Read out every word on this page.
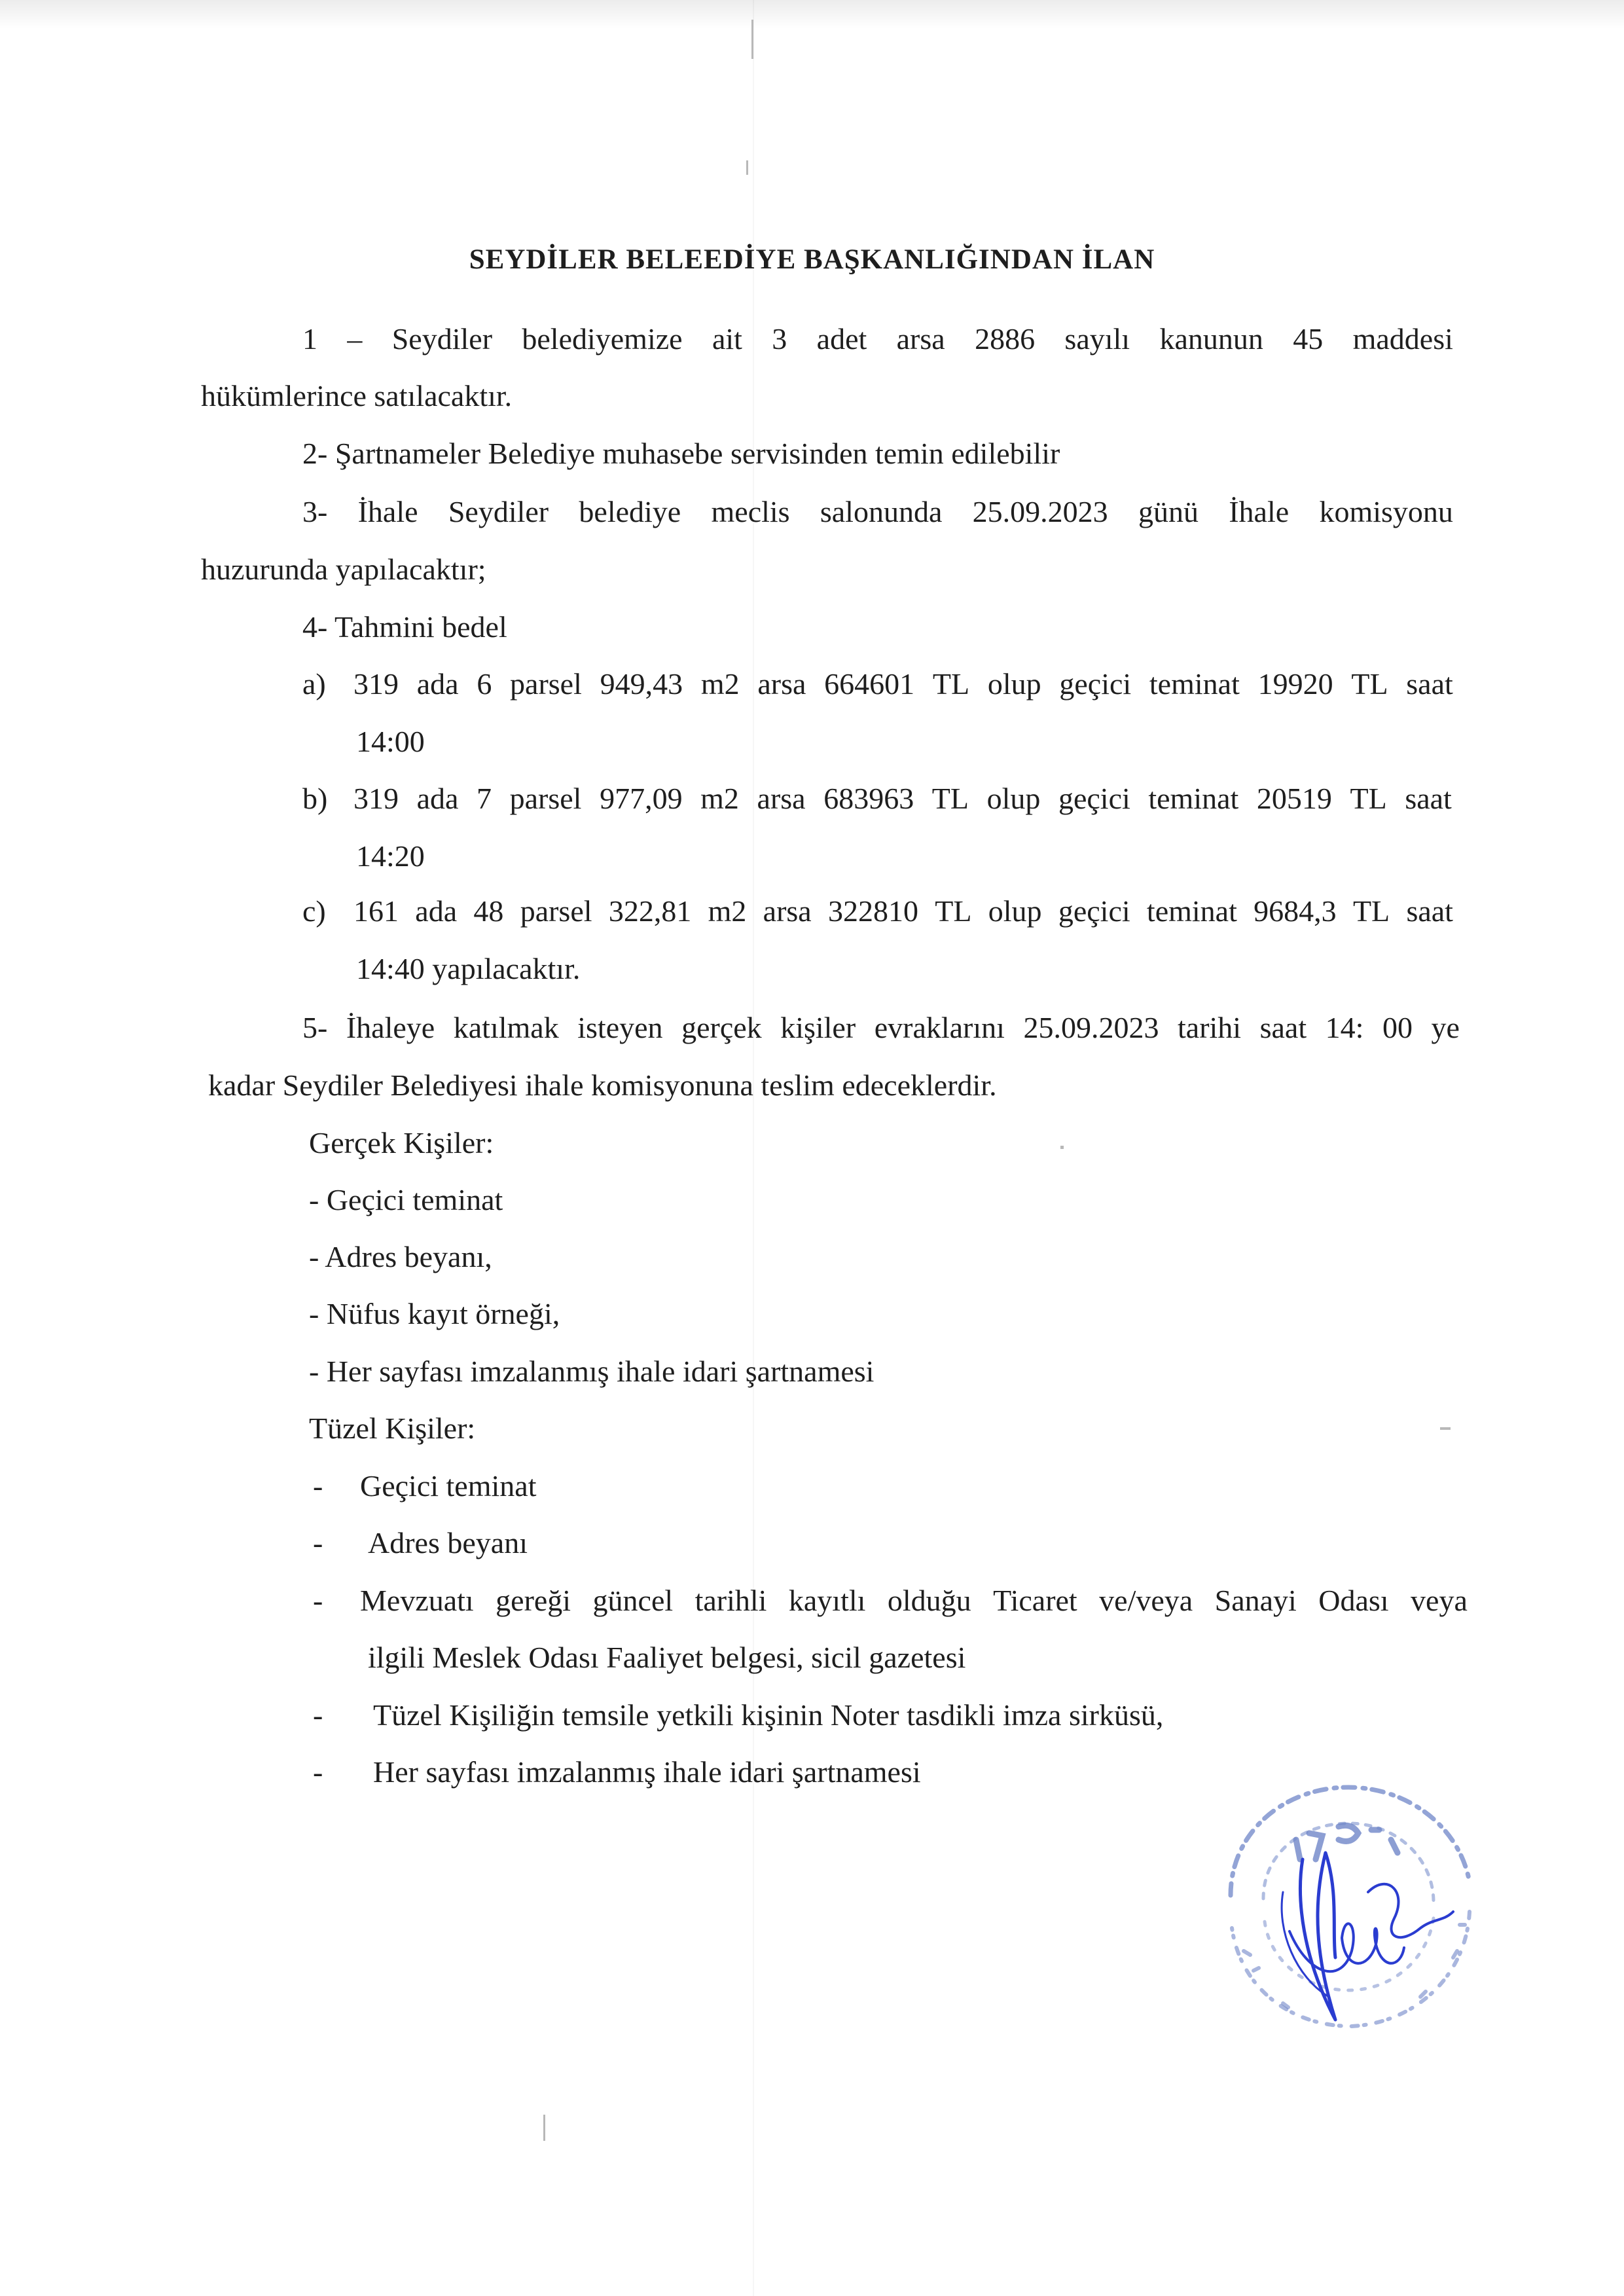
SEYDİLER BELEEDİYE BAŞKANLIĞINDAN İLAN
1 – Seydiler belediyemize ait 3 adet arsa 2886 sayılı kanunun 45 maddesi
hükümlerince satılacaktır.
2- Şartnameler Belediye muhasebe servisinden temin edilebilir
3- İhale Seydiler belediye meclis salonunda 25.09.2023 günü İhale komisyonu
huzurunda yapılacaktır;
4- Tahmini bedel
a) 319 ada 6 parsel 949,43 m2 arsa 664601 TL olup geçici teminat 19920 TL saat
14:00
b) 319 ada 7 parsel 977,09 m2 arsa 683963 TL olup geçici teminat 20519 TL saat
14:20
c) 161 ada 48 parsel 322,81 m2 arsa 322810 TL olup geçici teminat 9684,3 TL saat
14:40 yapılacaktır.
5- İhaleye katılmak isteyen gerçek kişiler evraklarını 25.09.2023 tarihi saat 14: 00 ye
kadar Seydiler Belediyesi ihale komisyonuna teslim edeceklerdir.
Gerçek Kişiler:
- Geçici teminat
- Adres beyanı,
- Nüfus kayıt örneği,
- Her sayfası imzalanmış ihale idari şartnamesi
Tüzel Kişiler:
- Geçici teminat
- Adres beyanı
- Mevzuatı gereği güncel tarihli kayıtlı olduğu Ticaret ve/veya Sanayi Odası veya
ilgili Meslek Odası Faaliyet belgesi, sicil gazetesi
- Tüzel Kişiliğin temsile yetkili kişinin Noter tasdikli imza sirküsü,
- Her sayfası imzalanmış ihale idari şartnamesi
